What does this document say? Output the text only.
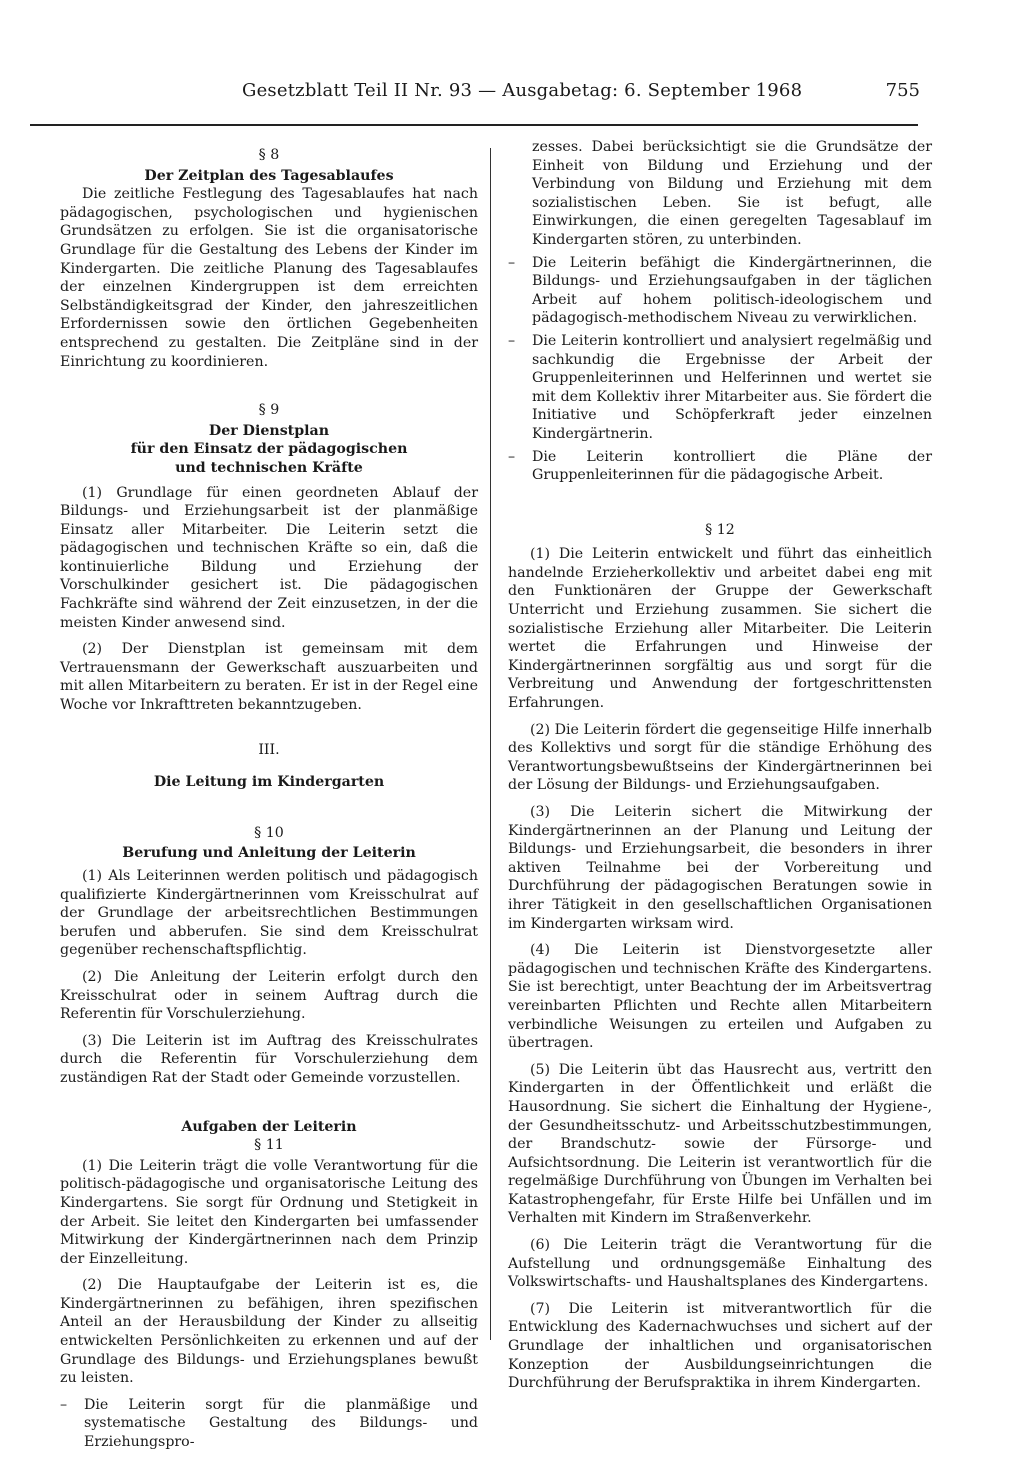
Gesetzblatt Teil II Nr. 93 — Ausgabetag: 6. September 1968	755
§ 8
Der Zeitplan des Tagesablaufes

Die zeitliche Festlegung des Tagesablaufes hat nach pädagogischen, psychologischen und hygienischen Grundsätzen zu erfolgen. Sie ist die organisatorische Grundlage für die Gestaltung des Lebens der Kinder im Kindergarten. Die zeitliche Planung des Tagesablaufes der einzelnen Kindergruppen ist dem erreichten Selbständigkeitsgrad der Kinder, den jahreszeitlichen Erfordernissen sowie den örtlichen Gegebenheiten entsprechend zu gestalten. Die Zeitpläne sind in der Einrichtung zu koordinieren.

§ 9
Der Dienstplan
für den Einsatz der pädagogischen
und technischen Kräfte

(1) Grundlage für einen geordneten Ablauf der Bildungs- und Erziehungsarbeit ist der planmäßige Einsatz aller Mitarbeiter. Die Leiterin setzt die pädagogischen und technischen Kräfte so ein, daß die kontinuierliche Bildung und Erziehung der Vorschulkinder gesichert ist. Die pädagogischen Fachkräfte sind während der Zeit einzusetzen, in der die meisten Kinder anwesend sind.

(2) Der Dienstplan ist gemeinsam mit dem Vertrauensmann der Gewerkschaft auszuarbeiten und mit allen Mitarbeitern zu beraten. Er ist in der Regel eine Woche vor Inkrafttreten bekanntzugeben.

III.
Die Leitung im Kindergarten
§ 10
Berufung und Anleitung der Leiterin

(1) Als Leiterinnen werden politisch und pädagogisch qualifizierte Kindergärtnerinnen vom Kreisschulrat auf der Grundlage der arbeitsrechtlichen Bestimmungen berufen und abberufen. Sie sind dem Kreisschulrat gegenüber rechenschaftspflichtig.

(2) Die Anleitung der Leiterin erfolgt durch den Kreisschulrat oder in seinem Auftrag durch die Referentin für Vorschulerziehung.

(3) Die Leiterin ist im Auftrag des Kreisschulrates durch die Referentin für Vorschulerziehung dem zuständigen Rat der Stadt oder Gemeinde vorzustellen.

Aufgaben der Leiterin
§ 11

(1) Die Leiterin trägt die volle Verantwortung für die politisch-pädagogische und organisatorische Leitung des Kindergartens. Sie sorgt für Ordnung und Stetigkeit in der Arbeit. Sie leitet den Kindergarten bei umfassender Mitwirkung der Kindergärtnerinnen nach dem Prinzip der Einzelleitung.

(2) Die Hauptaufgabe der Leiterin ist es, die Kindergärtnerinnen zu befähigen, ihren spezifischen Anteil an der Herausbildung der Kinder zu allseitig entwickelten Persönlichkeiten zu erkennen und auf der Grundlage des Bildungs- und Erziehungsplanes bewußt zu leisten.

– Die Leiterin sorgt für die planmäßige und systematische Gestaltung des Bildungs- und Erziehungspro-

zesses. Dabei berücksichtigt sie die Grundsätze der Einheit von Bildung und Erziehung und der Verbindung von Bildung und Erziehung mit dem sozialistischen Leben. Sie ist befugt, alle Einwirkungen, die einen geregelten Tagesablauf im Kindergarten stören, zu unterbinden.

– Die Leiterin befähigt die Kindergärtnerinnen, die Bildungs- und Erziehungsaufgaben in der täglichen Arbeit auf hohem politisch-ideologischem und pädagogisch-methodischem Niveau zu verwirklichen.
– Die Leiterin kontrolliert und analysiert regelmäßig und sachkundig die Ergebnisse der Arbeit der Gruppenleiterinnen und Helferinnen und wertet sie mit dem Kollektiv ihrer Mitarbeiter aus. Sie fördert die Initiative und Schöpferkraft jeder einzelnen Kindergärtnerin.
– Die Leiterin kontrolliert die Pläne der Gruppenleiterinnen für die pädagogische Arbeit.
§ 12

(1) Die Leiterin entwickelt und führt das einheitlich handelnde Erzieherkollektiv und arbeitet dabei eng mit den Funktionären der Gruppe der Gewerkschaft Unterricht und Erziehung zusammen. Sie sichert die sozialistische Erziehung aller Mitarbeiter. Die Leiterin wertet die Erfahrungen und Hinweise der Kindergärtnerinnen sorgfältig aus und sorgt für die Verbreitung und Anwendung der fortgeschrittensten Erfahrungen.

(2) Die Leiterin fördert die gegenseitige Hilfe innerhalb des Kollektivs und sorgt für die ständige Erhöhung des Verantwortungsbewußtseins der Kindergärtnerinnen bei der Lösung der Bildungs- und Erziehungsaufgaben.

(3) Die Leiterin sichert die Mitwirkung der Kindergärtnerinnen an der Planung und Leitung der Bildungs- und Erziehungsarbeit, die besonders in ihrer aktiven Teilnahme bei der Vorbereitung und Durchführung der pädagogischen Beratungen sowie in ihrer Tätigkeit in den gesellschaftlichen Organisationen im Kindergarten wirksam wird.

(4) Die Leiterin ist Dienstvorgesetzte aller pädagogischen und technischen Kräfte des Kindergartens. Sie ist berechtigt, unter Beachtung der im Arbeitsvertrag vereinbarten Pflichten und Rechte allen Mitarbeitern verbindliche Weisungen zu erteilen und Aufgaben zu übertragen.

(5) Die Leiterin übt das Hausrecht aus, vertritt den Kindergarten in der Öffentlichkeit und erläßt die Hausordnung. Sie sichert die Einhaltung der Hygiene-, der Gesundheitsschutz- und Arbeitsschutzbestimmungen, der Brandschutz- sowie der Fürsorge- und Aufsichtsordnung. Die Leiterin ist verantwortlich für die regelmäßige Durchführung von Übungen im Verhalten bei Katastrophengefahr, für Erste Hilfe bei Unfällen und im Verhalten mit Kindern im Straßenverkehr.

(6) Die Leiterin trägt die Verantwortung für die Aufstellung und ordnungsgemäße Einhaltung des Volkswirtschafts- und Haushaltsplanes des Kindergartens.

(7) Die Leiterin ist mitverantwortlich für die Entwicklung des Kadernachwuchses und sichert auf der Grundlage der inhaltlichen und organisatorischen Konzeption der Ausbildungseinrichtungen die Durchführung der Berufspraktika in ihrem Kindergarten.
